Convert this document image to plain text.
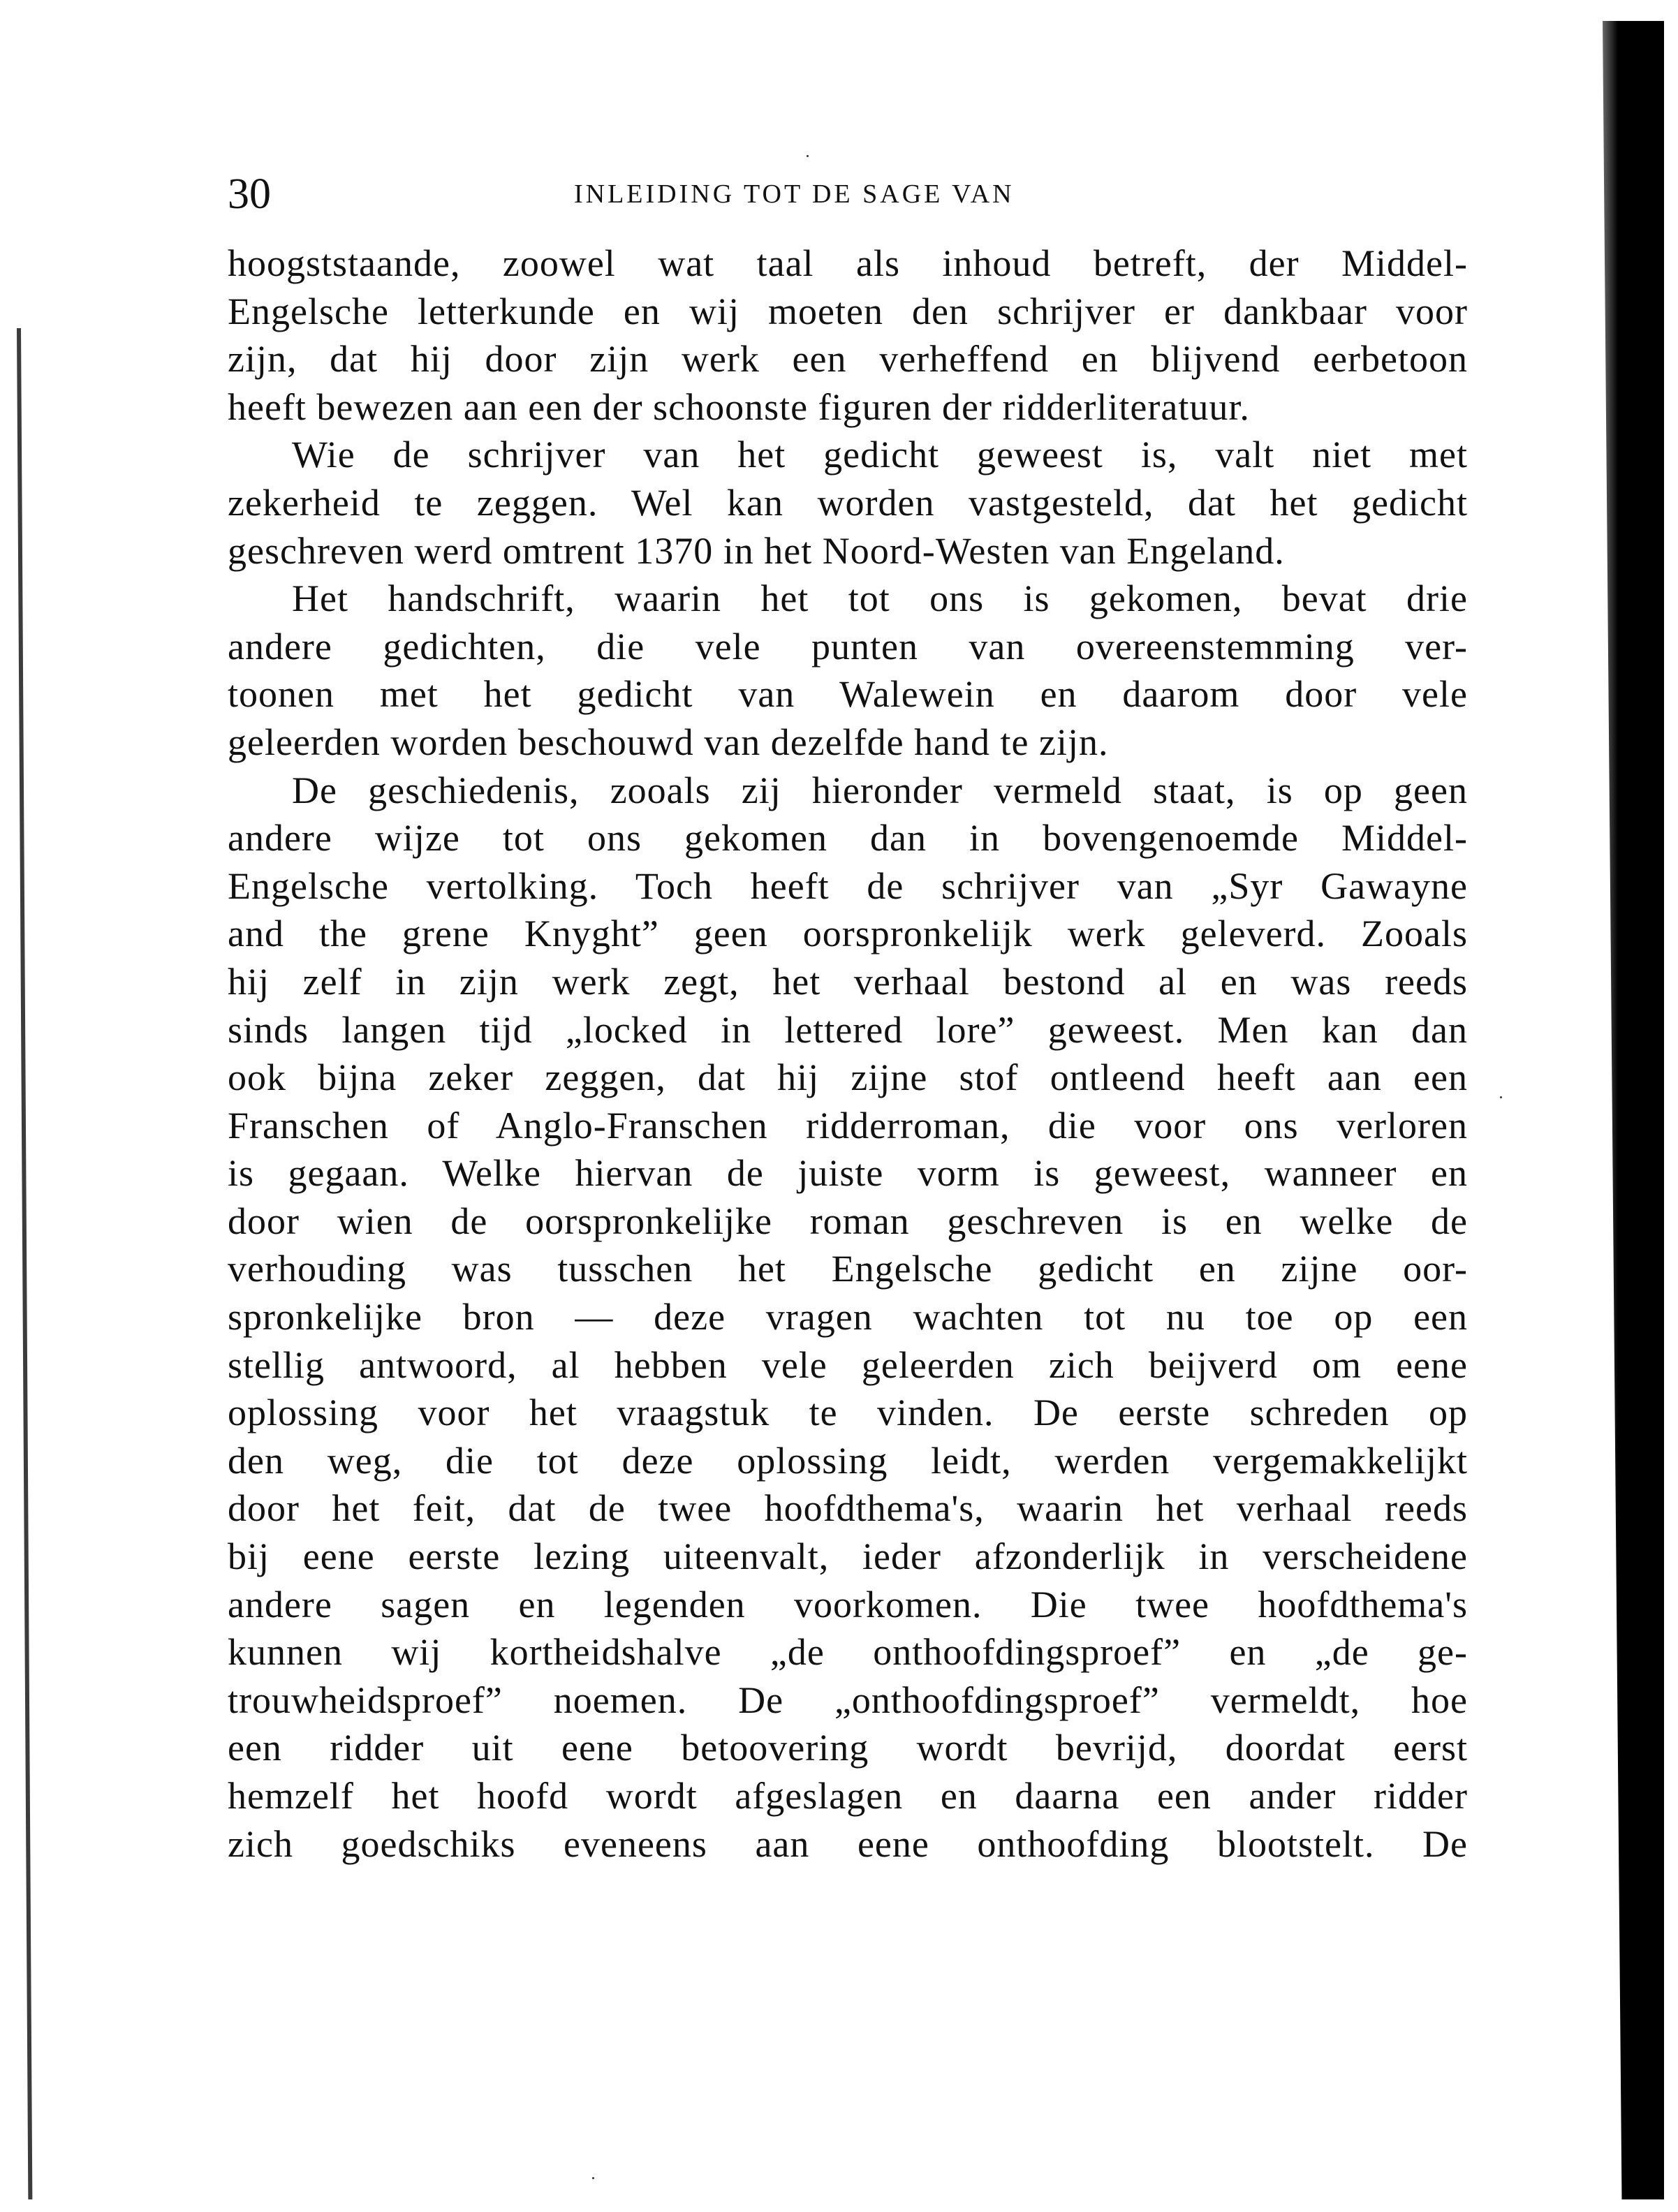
30	INLEIDING TOT DE SAGE VAN
hoogststaande, zoowel wat taal als inhoud betreft, der Middel-
Engelsche letterkunde en wij moeten den schrijver er dankbaar voor
zijn, dat hij door zijn werk een verheffend en blijvend eerbetoon
heeft bewezen aan een der schoonste figuren der ridderliteratuur.
Wie de schrijver van het gedicht geweest is, valt niet met
zekerheid te zeggen. Wel kan worden vastgesteld, dat het gedicht
geschreven werd omtrent 1370 in het Noord-Westen van Engeland.
Het handschrift, waarin het tot ons is gekomen, bevat drie
andere gedichten, die vele punten van overeenstemming ver-
toonen met het gedicht van Walewein en daarom door vele
geleerden worden beschouwd van dezelfde hand te zijn.
De geschiedenis, zooals zij hieronder vermeld staat, is op geen
andere wijze tot ons gekomen dan in bovengenoemde Middel-
Engelsche vertolking. Toch heeft de schrijver van „Syr Gawayne
and the grene Knyght” geen oorspronkelijk werk geleverd. Zooals
hij zelf in zijn werk zegt, het verhaal bestond al en was reeds
sinds langen tijd „locked in lettered lore” geweest. Men kan dan
ook bijna zeker zeggen, dat hij zijne stof ontleend heeft aan een
Franschen of Anglo-Franschen ridderroman, die voor ons verloren
is gegaan. Welke hiervan de juiste vorm is geweest, wanneer en
door wien de oorspronkelijke roman geschreven is en welke de
verhouding was tusschen het Engelsche gedicht en zijne oor-
spronkelijke bron — deze vragen wachten tot nu toe op een
stellig antwoord, al hebben vele geleerden zich beijverd om eene
oplossing voor het vraagstuk te vinden. De eerste schreden op
den weg, die tot deze oplossing leidt, werden vergemakkelijkt
door het feit, dat de twee hoofdthema's, waarin het verhaal reeds
bij eene eerste lezing uiteenvalt, ieder afzonderlijk in verscheidene
andere sagen en legenden voorkomen. Die twee hoofdthema's
kunnen wij kortheidshalve „de onthoofdingsproef” en „de ge-
trouwheidsproef” noemen. De „onthoofdingsproef” vermeldt, hoe
een ridder uit eene betoovering wordt bevrijd, doordat eerst
hemzelf het hoofd wordt afgeslagen en daarna een ander ridder
zich goedschiks eveneens aan eene onthoofding blootstelt. De
